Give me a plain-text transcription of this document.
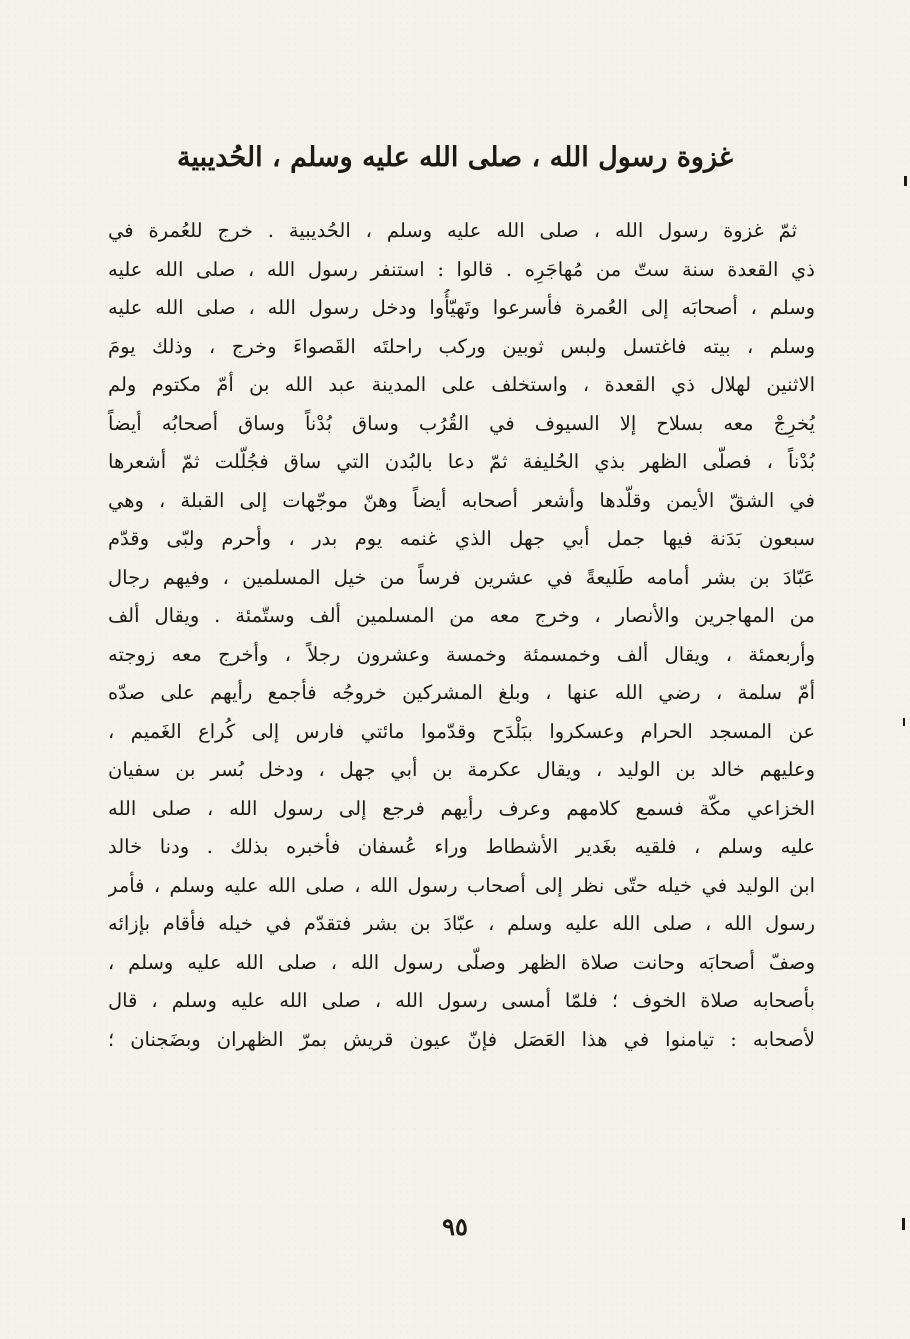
غزوة رسول الله ، صلى الله عليه وسلم ، الحُديبية
ثمّ غزوة رسول الله ، صلى الله عليه وسلم ، الحُديبية . خرج للعُمرة في
ذي القعدة سنة ستّ من مُهاجَرِه . قالوا : استنفر رسول الله ، صلى الله عليه
وسلم ، أصحابَه إلى العُمرة فأسرعوا وتَهيّأُوا ودخل رسول الله ، صلى الله عليه
وسلم ، بيته فاغتسل ولبس ثوبين وركب راحلتَه القَصواءَ وخرج ، وذلك يومَ
الاثنين لهلال ذي القعدة ، واستخلف على المدينة عبد الله بن أمّ مكتوم ولم
يُخرِجْ معه بسلاح إلا السيوف في القُرُب وساق بُدْناً وساق أصحابُه أيضاً
بُدْناً ، فصلّى الظهر بذي الحُليفة ثمّ دعا بالبُدن التي ساق فجُلّلت ثمّ أشعرها
في الشقّ الأيمن وقلّدها وأشعر أصحابه أيضاً وهنّ موجّهات إلى القبلة ، وهي
سبعون بَدَنة فيها جمل أبي جهل الذي غنمه يوم بدر ، وأحرم ولبّى وقدّم
عَبّادَ بن بشر أمامه طَليعةً في عشرين فرساً من خيل المسلمين ، وفيهم رجال
من المهاجرين والأنصار ، وخرج معه من المسلمين ألف وستّمئة . ويقال ألف
وأربعمئة ، ويقال ألف وخمسمئة وخمسة وعشرون رجلاً ، وأخرج معه زوجته
أمّ سلمة ، رضي الله عنها ، وبلغ المشركين خروجُه فأجمع رأيهم على صدّه
عن المسجد الحرام وعسكروا ببَلْدَح وقدّموا مائتي فارس إلى كُراع الغَميم ،
وعليهم خالد بن الوليد ، ويقال عكرمة بن أبي جهل ، ودخل بُسر بن سفيان
الخزاعي مكّة فسمع كلامهم وعرف رأيهم فرجع إلى رسول الله ، صلى الله
عليه وسلم ، فلقيه بغَدير الأشطاط وراء عُسفان فأخبره بذلك . ودنا خالد
ابن الوليد في خيله حتّى نظر إلى أصحاب رسول الله ، صلى الله عليه وسلم ، فأمر
رسول الله ، صلى الله عليه وسلم ، عبّادَ بن بشر فتقدّم في خيله فأقام بإزائه
وصفّ أصحابَه وحانت صلاة الظهر وصلّى رسول الله ، صلى الله عليه وسلم ،
بأصحابه صلاة الخوف ؛ فلمّا أمسى رسول الله ، صلى الله عليه وسلم ، قال
لأصحابه : تيامنوا في هذا العَصَل فإنّ عيون قريش بمرّ الظهران وبضَجنان ؛
٩٥
